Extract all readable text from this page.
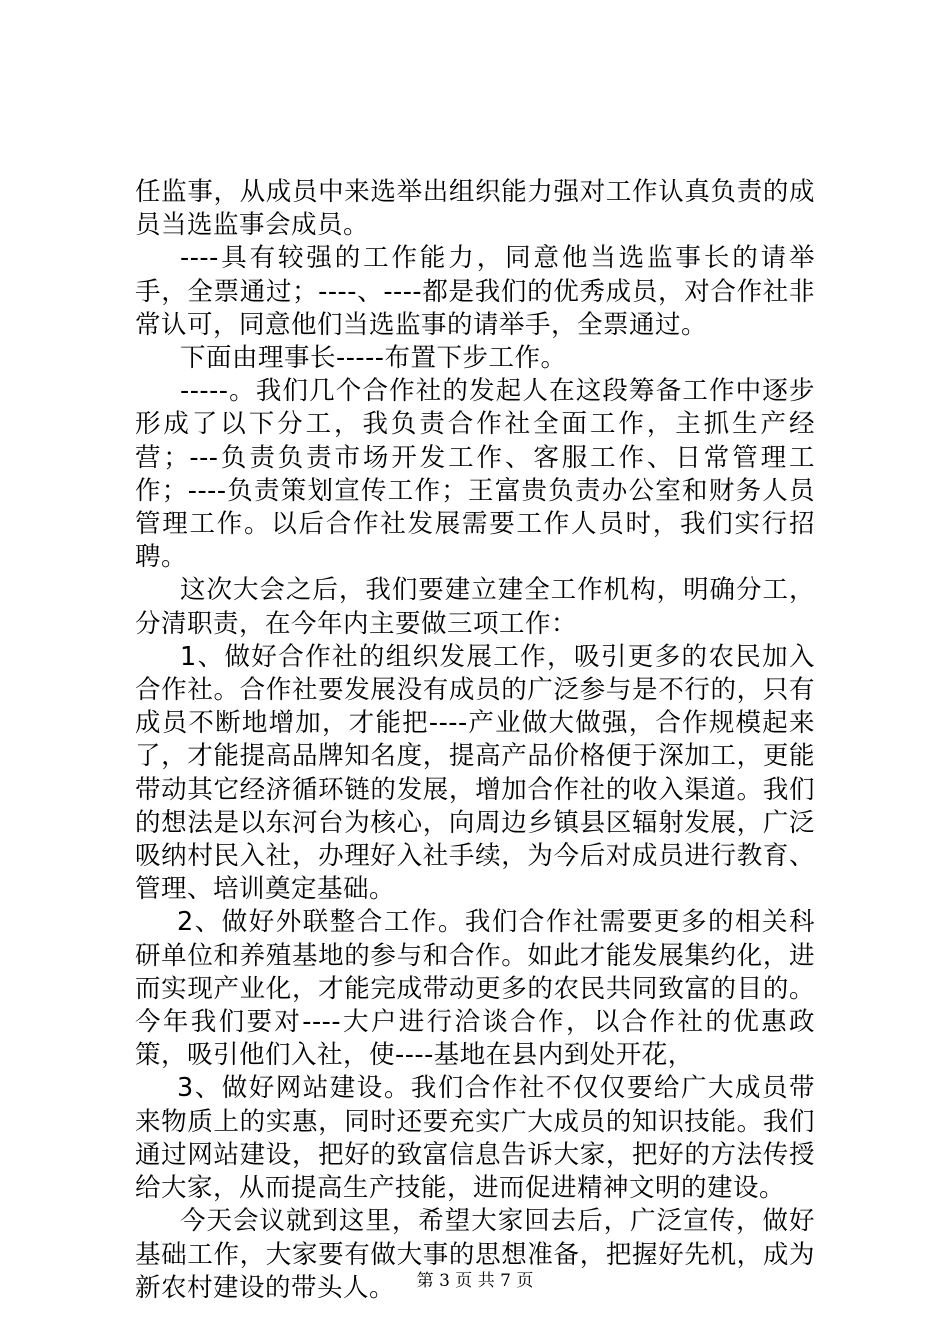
任监事，从成员中来选举出组织能力强对工作认真负责的成员当选监事会成员。

----具有较强的工作能力，同意他当选监事长的请举手，全票通过；----、----都是我们的优秀成员，对合作社非常认可，同意他们当选监事的请举手，全票通过。

下面由理事长-----布置下步工作。

-----。我们几个合作社的发起人在这段筹备工作中逐步形成了以下分工，我负责合作社全面工作，主抓生产经营；---负责负责市场开发工作、客服工作、日常管理工作；----负责策划宣传工作；王富贵负责办公室和财务人员管理工作。以后合作社发展需要工作人员时，我们实行招聘。

这次大会之后，我们要建立建全工作机构，明确分工，分清职责，在今年内主要做三项工作：

1、做好合作社的组织发展工作，吸引更多的农民加入合作社。合作社要发展没有成员的广泛参与是不行的，只有成员不断地增加，才能把----产业做大做强，合作规模起来了，才能提高品牌知名度，提高产品价格便于深加工，更能带动其它经济循环链的发展，增加合作社的收入渠道。我们的想法是以东河台为核心，向周边乡镇县区辐射发展，广泛吸纳村民入社，办理好入社手续，为今后对成员进行教育、管理、培训奠定基础。

2、做好外联整合工作。我们合作社需要更多的相关科研单位和养殖基地的参与和合作。如此才能发展集约化，进而实现产业化，才能完成带动更多的农民共同致富的目的。今年我们要对----大户进行洽谈合作，以合作社的优惠政策，吸引他们入社，使----基地在县内到处开花，

3、做好网站建设。我们合作社不仅仅要给广大成员带来物质上的实惠，同时还要充实广大成员的知识技能。我们通过网站建设，把好的致富信息告诉大家，把好的方法传授给大家，从而提高生产技能，进而促进精神文明的建设。

今天会议就到这里，希望大家回去后，广泛宣传，做好基础工作，大家要有做大事的思想准备，把握好先机，成为新农村建设的带头人。	第 3 页 共 7 页
